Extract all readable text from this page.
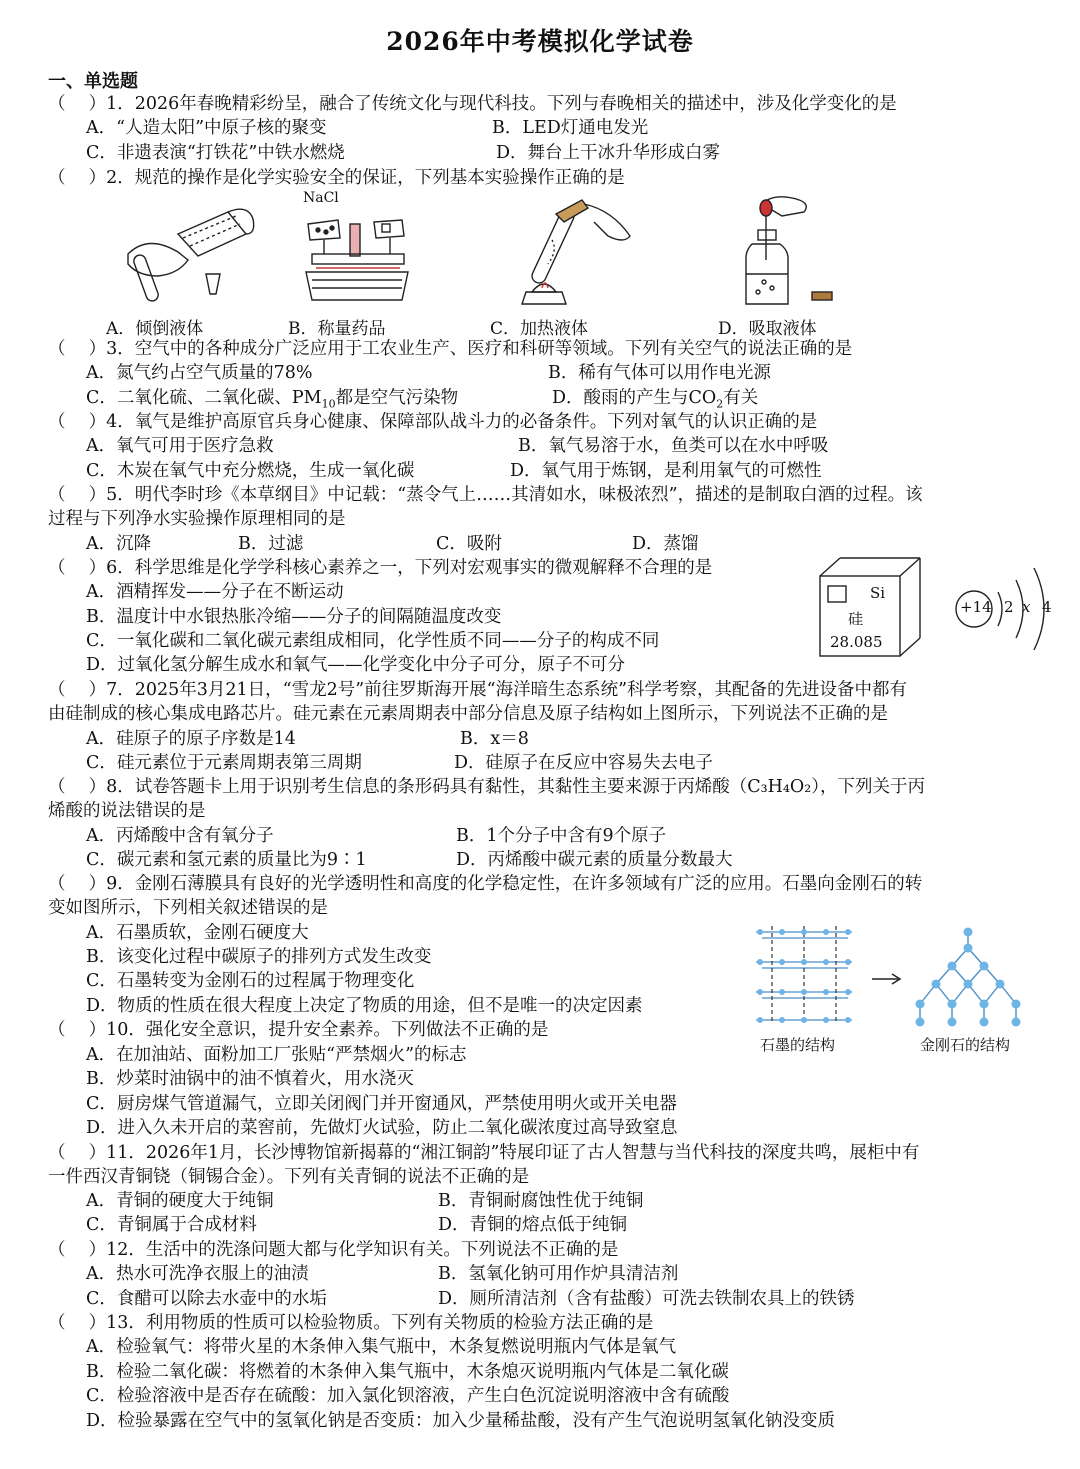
2026年中考模拟化学试卷
一、单选题
（　 ）1．2026年春晚精彩纷呈，融合了传统文化与现代科技。下列与春晚相关的描述中，涉及化学变化的是
A．“人造太阳”中原子核的聚变	B．LED灯通电发光
C．非遗表演“打铁花”中铁水燃烧	D．舞台上干冰升华形成白雾
（　 ）2．规范的操作是化学实验安全的保证，下列基本实验操作正确的是
NaCl
A．倾倒液体	B．称量药品	C．加热液体	D．吸取液体
（　 ）3．空气中的各种成分广泛应用于工农业生产、医疗和科研等领域。下列有关空气的说法正确的是
A．氮气约占空气质量的78%	B．稀有气体可以用作电光源
C．二氧化硫、二氧化碳、$PM_{10}$都是空气污染物	D．酸雨的产生与$CO_2$有关
（　 ）4．氧气是维护高原官兵身心健康、保障部队战斗力的必备条件。下列对氧气的认识正确的是
A．氧气可用于医疗急救	B．氧气易溶于水，鱼类可以在水中呼吸
C．木炭在氧气中充分燃烧，生成一氧化碳	D．氧气用于炼钢，是利用氧气的可燃性
（　 ）5．明代李时珍《本草纲目》中记载：“蒸令气上……其清如水，味极浓烈”，描述的是制取白酒的过程。该
过程与下列净水实验操作原理相同的是
A．沉降	B．过滤	C．吸附	D．蒸馏
（　 ）6．科学思维是化学学科核心素养之一，下列对宏观事实的微观解释不合理的是
A．酒精挥发——分子在不断运动
B．温度计中水银热胀冷缩——分子的间隔随温度改变
C．一氧化碳和二氧化碳元素组成相同，化学性质不同——分子的构成不同
D．过氧化氢分解生成水和氧气——化学变化中分子可分，原子不可分
Si
硅
28.085
+14 2 x 4
（　 ）7．2025年3月21日，“雪龙2号”前往罗斯海开展“海洋暗生态系统”科学考察，其配备的先进设备中都有
由硅制成的核心集成电路芯片。硅元素在元素周期表中部分信息及原子结构如上图所示，下列说法不正确的是
A．硅原子的原子序数是14	B．x＝8
C．硅元素位于元素周期表第三周期	D．硅原子在反应中容易失去电子
（　 ）8．试卷答题卡上用于识别考生信息的条形码具有黏性，其黏性主要来源于丙烯酸（C₃H₄O₂），下列关于丙
烯酸的说法错误的是
A．丙烯酸中含有氧分子	B．1个分子中含有9个原子
C．碳元素和氢元素的质量比为9∶1	D．丙烯酸中碳元素的质量分数最大
（　 ）9．金刚石薄膜具有良好的光学透明性和高度的化学稳定性，在许多领域有广泛的应用。石墨向金刚石的转
变如图所示，下列相关叙述错误的是
A．石墨质软，金刚石硬度大
B．该变化过程中碳原子的排列方式发生改变
C．石墨转变为金刚石的过程属于物理变化
D．物质的性质在很大程度上决定了物质的用途，但不是唯一的决定因素
石墨的结构	金刚石的结构
（　 ）10．强化安全意识，提升安全素养。下列做法不正确的是
A．在加油站、面粉加工厂张贴“严禁烟火”的标志
B．炒菜时油锅中的油不慎着火，用水浇灭
C．厨房煤气管道漏气，立即关闭阀门并开窗通风，严禁使用明火或开关电器
D．进入久未开启的菜窖前，先做灯火试验，防止二氧化碳浓度过高导致窒息
（　 ）11．2026年1月，长沙博物馆新揭幕的“湘江铜韵”特展印证了古人智慧与当代科技的深度共鸣，展柜中有
一件西汉青铜铙（铜锡合金）。下列有关青铜的说法不正确的是
A．青铜的硬度大于纯铜	B．青铜耐腐蚀性优于纯铜
C．青铜属于合成材料	D．青铜的熔点低于纯铜
（　 ）12．生活中的洗涤问题大都与化学知识有关。下列说法不正确的是
A．热水可洗净衣服上的油渍	B．氢氧化钠可用作炉具清洁剂
C．食醋可以除去水壶中的水垢	D．厕所清洁剂（含有盐酸）可洗去铁制农具上的铁锈
（　 ）13．利用物质的性质可以检验物质。下列有关物质的检验方法正确的是
A．检验氧气：将带火星的木条伸入集气瓶中，木条复燃说明瓶内气体是氧气
B．检验二氧化碳：将燃着的木条伸入集气瓶中，木条熄灭说明瓶内气体是二氧化碳
C．检验溶液中是否存在硫酸：加入氯化钡溶液，产生白色沉淀说明溶液中含有硫酸
D．检验暴露在空气中的氢氧化钠是否变质：加入少量稀盐酸，没有产生气泡说明氢氧化钠没变质
